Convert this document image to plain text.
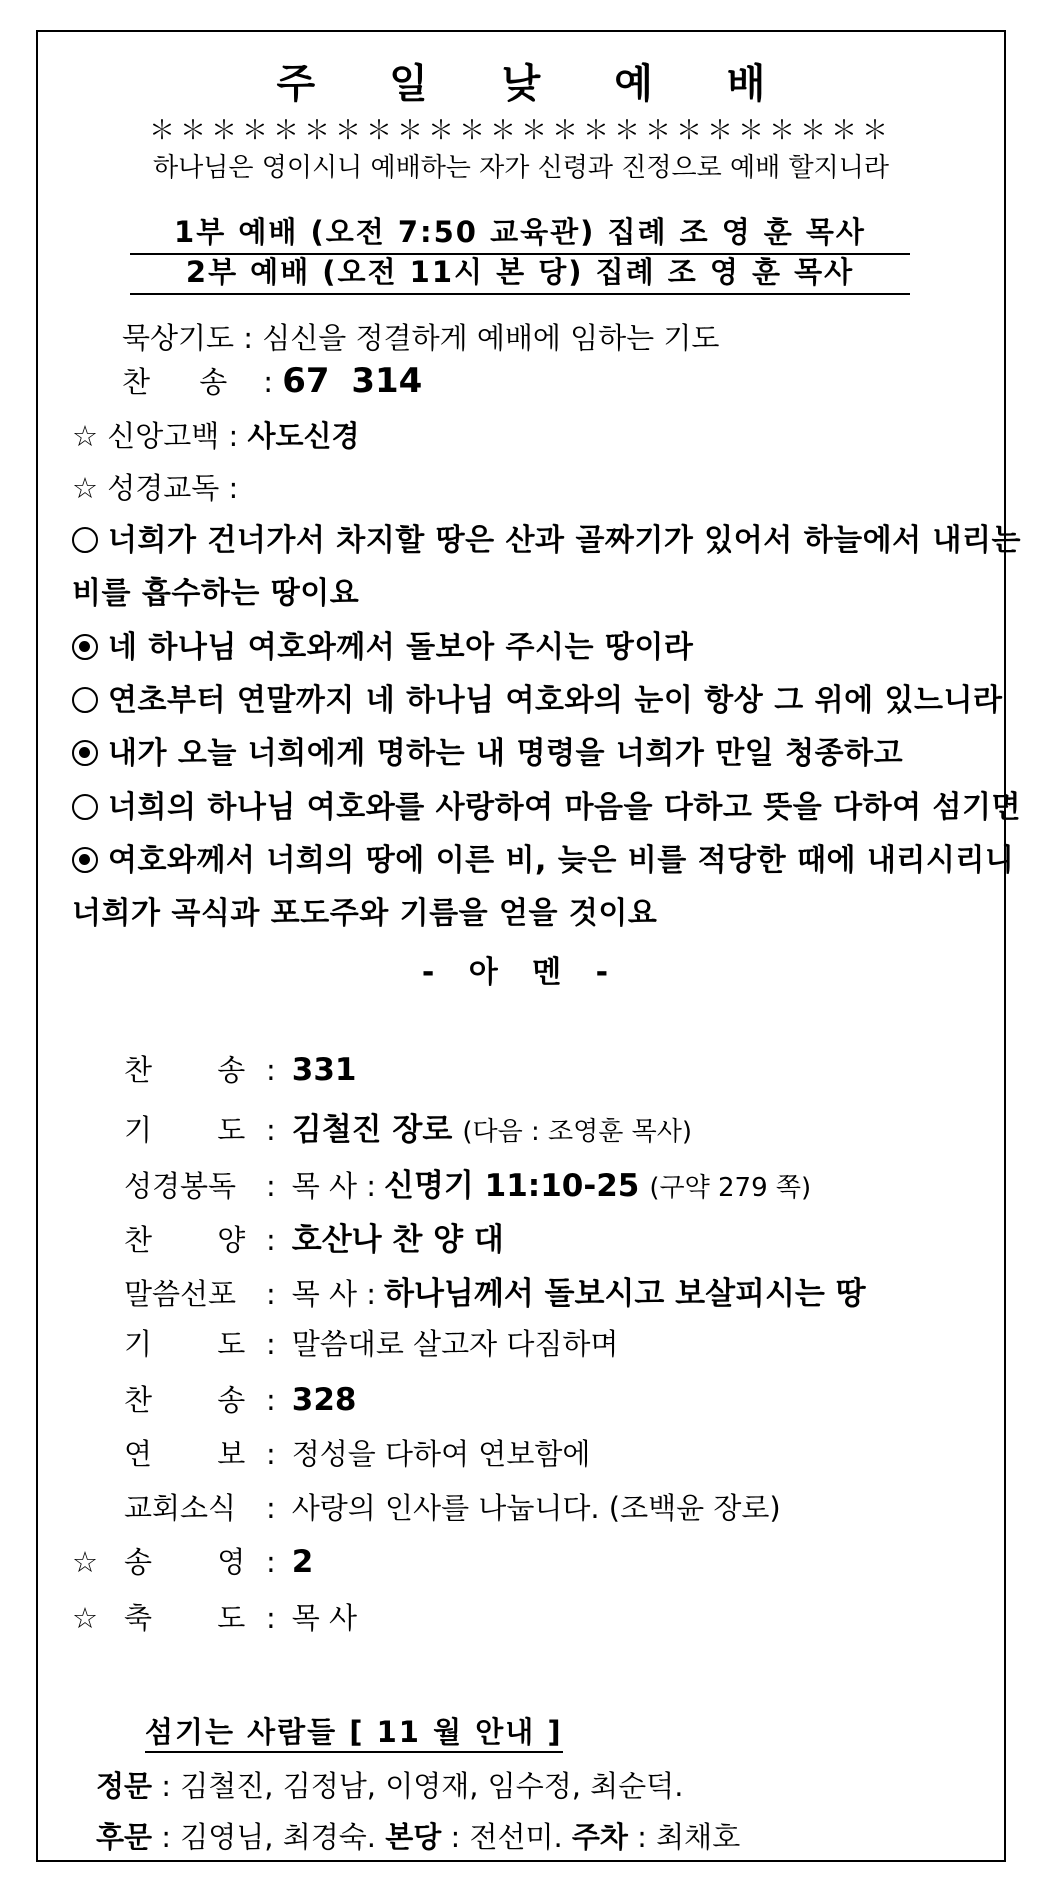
주 일 낮 예 배
＊＊＊＊＊＊＊＊＊＊＊＊＊＊＊＊＊＊＊＊＊＊＊＊
하나님은 영이시니 예배하는 자가 신령과 진정으로 예배 할지니라
1부 예배 (오전 7:50 교육관) 집례 조 영 훈 목사
2부 예배 (오전 11시 본 당) 집례 조 영 훈 목사
묵상기도 : 심신을 정결하게 예배에 임하는 기도
찬 송 : 67 314
☆ 신앙고백 : 사도신경
☆ 성경교독 :
너희가 건너가서 차지할 땅은 산과 골짜기가 있어서 하늘에서 내리는
비를 흡수하는 땅이요
네 하나님 여호와께서 돌보아 주시는 땅이라
연초부터 연말까지 네 하나님 여호와의 눈이 항상 그 위에 있느니라
내가 오늘 너희에게 명하는 내 명령을 너희가 만일 청종하고
너희의 하나님 여호와를 사랑하여 마음을 다하고 뜻을 다하여 섬기면
여호와께서 너희의 땅에 이른 비, 늦은 비를 적당한 때에 내리시리니
너희가 곡식과 포도주와 기름을 얻을 것이요
- 아 멘 -
찬 송 : 331
기 도 : 김철진 장로 (다음 : 조영훈 목사)
성경봉독 : 목 사 : 신명기 11:10-25 (구약 279 쪽)
찬 양 : 호산나 찬 양 대
말씀선포 : 목 사 : 하나님께서 돌보시고 보살피시는 땅
기 도 : 말씀대로 살고자 다짐하며
찬 송 : 328
연 보 : 정성을 다하여 연보함에
교회소식 : 사랑의 인사를 나눕니다. (조백윤 장로)
☆ 송 영 : 2
☆ 축 도 : 목 사
섬기는 사람들 [ 11 월 안내 ]
정문 : 김철진, 김정남, 이영재, 임수정, 최순덕.
후문 : 김영님, 최경숙. 본당 : 전선미. 주차 : 최채호
